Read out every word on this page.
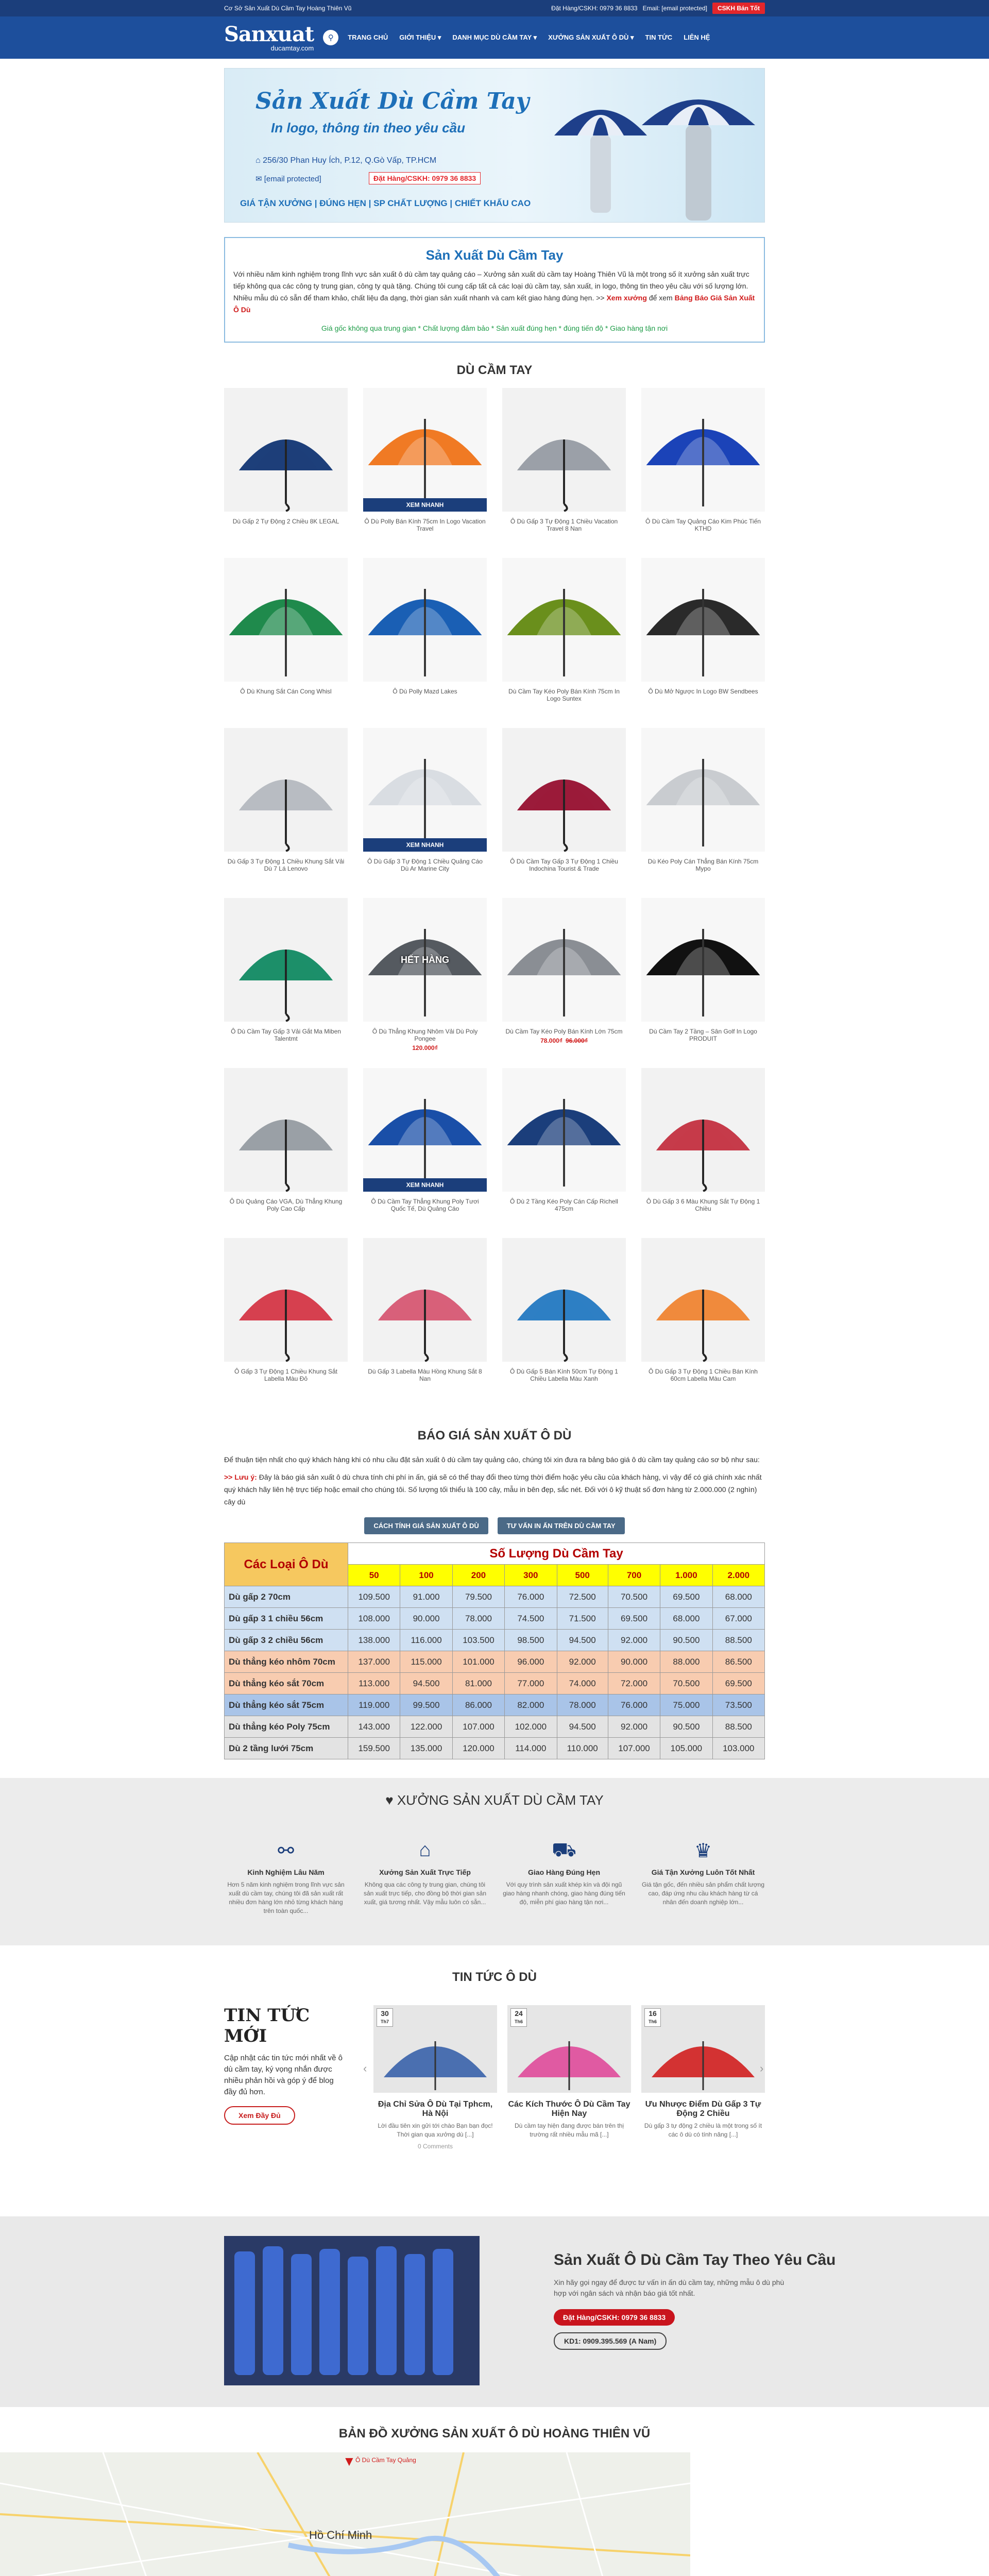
Cơ Sở Sản Xuất Dù Cầm Tay Hoàng Thiên Vũ	Đặt Hàng/CSKH: 0979 36 8833 Email: [email protected]	CSKH Bán Tốt
Sanxuat
ducamtay.com
⚲	TRANG CHỦ GIỚI THIỆU ▾ DANH MỤC DÙ CẦM TAY ▾ XƯỞNG SẢN XUẤT Ô DÙ ▾ TIN TỨC LIÊN HỆ
Sản Xuất Dù Cầm Tay
In logo, thông tin theo yêu cầu
⌂ 256/30 Phan Huy Ích, P.12, Q.Gò Vấp, TP.HCM
✉ [email protected]	Đặt Hàng/CSKH: 0979 36 8833
GIÁ TẬN XƯỞNG | ĐÚNG HẸN | SP CHẤT LƯỢNG | CHIẾT KHẤU CAO
Sản Xuất Dù Cầm Tay

Với nhiều năm kinh nghiệm trong lĩnh vực sản xuất ô dù cầm tay quảng cáo – Xưởng sản xuất dù cầm tay Hoàng Thiên Vũ là một trong số ít xưởng sản xuất trực tiếp không qua các công ty trung gian, công ty quà tặng. Chúng tôi cung cấp tất cả các loại dù cầm tay, sản xuất, in logo, thông tin theo yêu cầu với số lượng lớn. Nhiều mẫu dù có sẵn để tham khảo, chất liệu đa dạng, thời gian sản xuất nhanh và cam kết giao hàng đúng hẹn. >> Xem xưởng để xem Bảng Báo Giá Sản Xuất Ô Dù

Giá gốc không qua trung gian * Chất lượng đảm bảo * Sản xuất đúng hẹn * đúng tiến độ * Giao hàng tận nơi
DÙ CẦM TAY
Dù Gấp 2 Tự Động 2 Chiều 8K LEGAL
XEM NHANH
Ô Dù Polly Bán Kính 75cm In Logo Vacation Travel
Ô Dù Gấp 3 Tự Động 1 Chiều Vacation Travel 8 Nan
Ô Dù Cầm Tay Quảng Cáo Kim Phúc Tiến KTHD
Ô Dù Khung Sắt Cán Cong Whisl	Ô Dù Polly Mazd Lakes	Dù Cầm Tay Kéo Poly Bán Kính 75cm In Logo Suntex
Ô Dù Mở Ngược In Logo BW Sendbees
Dù Gấp 3 Tự Động 1 Chiều Khung Sắt Vải Dù 7 Lá Lenovo
XEM NHANH
Ô Dù Gấp 3 Tự Động 1 Chiều Quảng Cáo Dù Ar Marine City
Ô Dù Cầm Tay Gấp 3 Tự Động 1 Chiều Indochina Tourist & Trade
Dù Kéo Poly Cán Thẳng Bán Kính 75cm Mypo
Ô Dù Cầm Tay Gấp 3 Vải Gắt Ma Miben Talentmt
HẾT HÀNG
Ô Dù Thẳng Khung Nhôm Vải Dù Poly Pongee
120.000₫
Dù Cầm Tay Kéo Poly Bán Kính Lớn 75cm
78.000₫ 96.000₫
Dù Cầm Tay 2 Tầng – Sân Golf In Logo PRODUIT
Ô Dù Quảng Cáo VGA, Dù Thẳng Khung Poly Cao Cấp
XEM NHANH
Ô Dù Cầm Tay Thẳng Khung Poly Tươi Quốc Tế, Dù Quảng Cáo
Ô Dù 2 Tầng Kéo Poly Cán Cấp Richell 475cm
Ô Dù Gấp 3 6 Màu Khung Sắt Tự Động 1 Chiều
Ô Gấp 3 Tự Động 1 Chiều Khung Sắt Labella Màu Đỏ
Dù Gấp 3 Labella Màu Hồng Khung Sắt 8 Nan
Ô Dù Gấp 5 Bán Kính 50cm Tự Động 1 Chiều Labella Màu Xanh
Ô Dù Gấp 3 Tự Động 1 Chiều Bán Kính 60cm Labella Màu Cam
BÁO GIÁ SẢN XUẤT Ô DÙ

Để thuận tiện nhất cho quý khách hàng khi có nhu cầu đặt sản xuất ô dù cầm tay quảng cáo, chúng tôi xin đưa ra bảng báo giá ô dù cầm tay quảng cáo sơ bộ như sau:

>> Lưu ý: Đây là báo giá sản xuất ô dù chưa tính chi phí in ấn, giá sẽ có thể thay đổi theo từng thời điểm hoặc yêu cầu của khách hàng, vì vậy để có giá chính xác nhất quý khách hãy liên hệ trực tiếp hoặc email cho chúng tôi. Số lượng tối thiểu là 100 cây, mẫu in bên đẹp, sắc nét. Đối với ô kỹ thuật số đơn hàng từ 2.000.000 (2 nghìn) cây dù

CÁCH TÍNH GIÁ SẢN XUẤT Ô DÙ	TƯ VẤN IN ẤN TRÊN DÙ CẦM TAY
Các Loại Ô Dù	Số Lượng Dù Cầm Tay							
	50	100	200	300	500	700	1.000	2.000
Dù gấp 2 70cm	109.500	91.000	79.500	76.000	72.500	70.500	69.500	68.000
Dù gấp 3 1 chiều 56cm	108.000	90.000	78.000	74.500	71.500	69.500	68.000	67.000
Dù gấp 3 2 chiều 56cm	138.000	116.000	103.500	98.500	94.500	92.000	90.500	88.500
Dù thẳng kéo nhôm 70cm	137.000	115.000	101.000	96.000	92.000	90.000	88.000	86.500
Dù thẳng kéo sắt 70cm	113.000	94.500	81.000	77.000	74.000	72.000	70.500	69.500
Dù thẳng kéo sắt 75cm	119.000	99.500	86.000	82.000	78.000	76.000	75.000	73.500
Dù thẳng kéo Poly 75cm	143.000	122.000	107.000	102.000	94.500	92.000	90.500	88.500
Dù 2 tầng lưới 75cm	159.500	135.000	120.000	114.000	110.000	107.000	105.000	103.000
♥ XƯỞNG SẢN XUẤT DÙ CẦM TAY
⚯
Kinh Nghiệm Lâu Năm

Hơn 5 năm kinh nghiệm trong lĩnh vực sản xuất dù cầm tay, chúng tôi đã sản xuất rất nhiều đơn hàng lớn nhỏ từng khách hàng trên toàn quốc...

⌂
Xưởng Sản Xuất Trực Tiếp

Không qua các công ty trung gian, chúng tôi sản xuất trực tiếp, cho đồng bộ thời gian sản xuất, giá tương nhất. Vậy mẫu luôn có sẵn...

⛟
Giao Hàng Đúng Hẹn

Với quy trình sản xuất khép kín và đội ngũ giao hàng nhanh chóng, giao hàng đúng tiến độ, miễn phí giao hàng tận nơi...

♛
Giá Tận Xưởng Luôn Tốt Nhất

Giá tận gốc, đến nhiều sản phẩm chất lượng cao, đáp ứng nhu cầu khách hàng từ cá nhân đến doanh nghiệp lớn...

TIN TỨC Ô DÙ
TIN TỨC MỚI

Cập nhật các tin tức mới nhất về ô dù cầm tay, ký vọng nhắn được nhiều phản hồi và góp ý để blog đầy đủ hơn.

Xem Đầy Đủ
30
Th7
Địa Chỉ Sửa Ô Dù Tại Tphcm, Hà Nội

Lời đầu tiên xin gửi tới chào Bạn bạn đọc! Thời gian qua xưởng dù [...]

0 Comments

24
Th6
Các Kích Thước Ô Dù Cầm Tay Hiện Nay

Dù cầm tay hiện đang được bán trên thị trường rất nhiều mẫu mã [...]

16
Th6
Ưu Nhược Điểm Dù Gấp 3 Tự Động 2 Chiều

Dù gấp 3 tự động 2 chiều là một trong số ít các ô dù có tính năng [...]

‹	›
Sản Xuất Ô Dù Cầm Tay Theo Yêu Cầu

Xin hãy gọi ngay để được tư vấn in ấn dù cầm tay, những mẫu ô dù phù hợp với ngân sách và nhận báo giá tốt nhất.

Đặt Hàng/CSKH: 0979 36 8833
KD1: 0909.395.569 (A Nam)
BẢN ĐỒ XƯỞNG SẢN XUẤT Ô DÙ HOÀNG THIÊN VŨ
▼ Ô Dù Cầm Tay Quảng
Hồ Chí Minh
